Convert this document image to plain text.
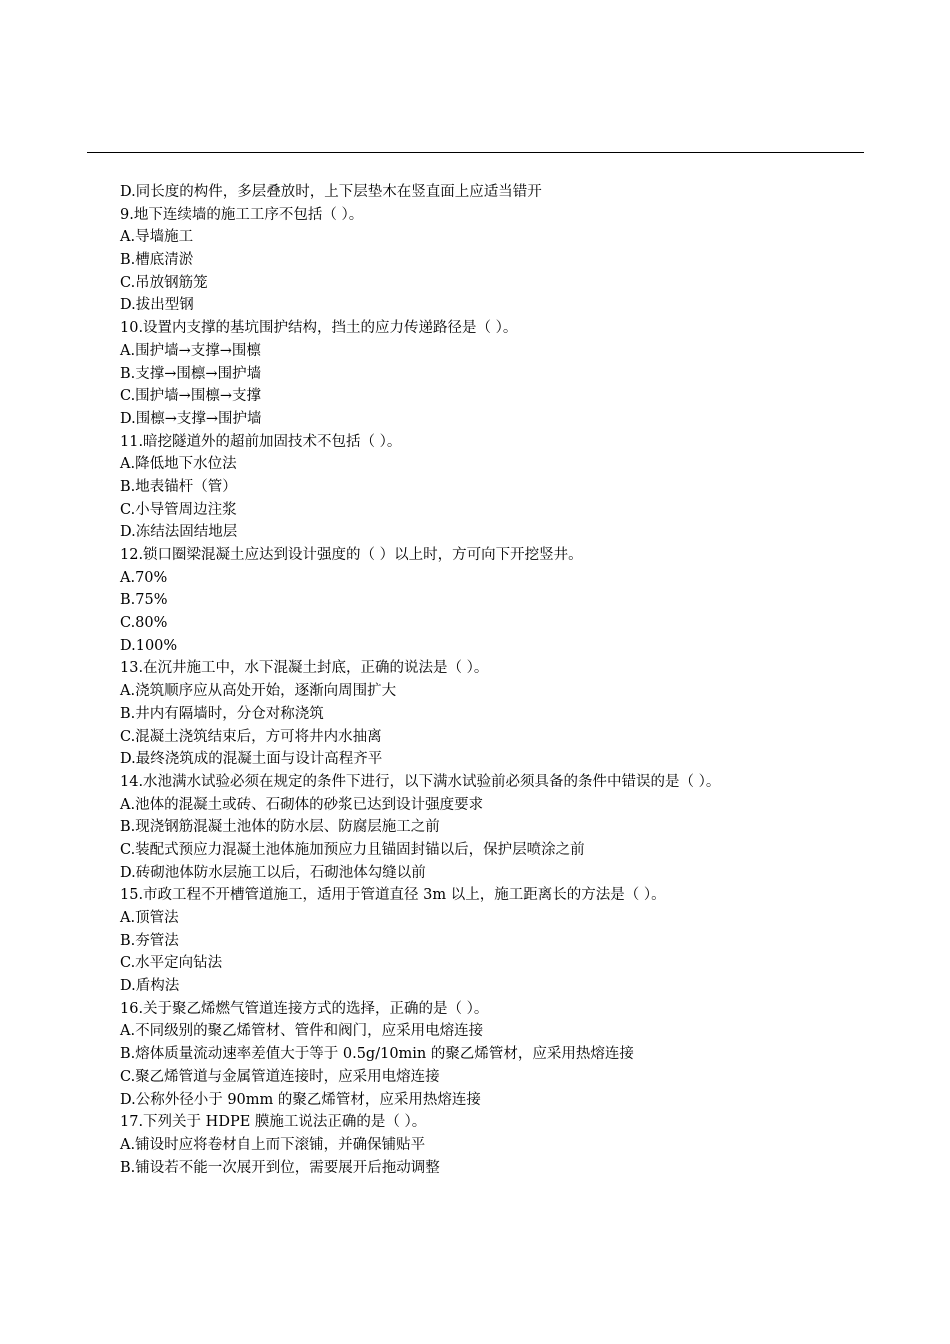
D.同长度的构件，多层叠放时，上下层垫木在竖直面上应适当错开
9.地下连续墙的施工工序不包括（ ）。
A.导墙施工
B.槽底清淤
C.吊放钢筋笼
D.拔出型钢
10.设置内支撑的基坑围护结构，挡土的应力传递路径是（ ）。
A.围护墙→支撑→围檩
B.支撑→围檩→围护墙
C.围护墙→围檩→支撑
D.围檩→支撑→围护墙
11.暗挖隧道外的超前加固技术不包括（ ）。
A.降低地下水位法
B.地表锚杆（管）
C.小导管周边注浆
D.冻结法固结地层
12.锁口圈梁混凝土应达到设计强度的（ ）以上时，方可向下开挖竖井。
A.70%
B.75%
C.80%
D.100%
13.在沉井施工中，水下混凝土封底，正确的说法是（ ）。
A.浇筑顺序应从高处开始，逐渐向周围扩大
B.井内有隔墙时，分仓对称浇筑
C.混凝土浇筑结束后，方可将井内水抽离
D.最终浇筑成的混凝土面与设计高程齐平
14.水池满水试验必须在规定的条件下进行，以下满水试验前必须具备的条件中错误的是（ ）。
A.池体的混凝土或砖、石砌体的砂浆已达到设计强度要求
B.现浇钢筋混凝土池体的防水层、防腐层施工之前
C.装配式预应力混凝土池体施加预应力且锚固封锚以后，保护层喷涂之前
D.砖砌池体防水层施工以后，石砌池体勾缝以前
15.市政工程不开槽管道施工，适用于管道直径 3m 以上，施工距离长的方法是（ ）。
A.顶管法
B.夯管法
C.水平定向钻法
D.盾构法
16.关于聚乙烯燃气管道连接方式的选择，正确的是（ ）。
A.不同级别的聚乙烯管材、管件和阀门，应采用电熔连接
B.熔体质量流动速率差值大于等于 0.5g/10min 的聚乙烯管材，应采用热熔连接
C.聚乙烯管道与金属管道连接时，应采用电熔连接
D.公称外径小于 90mm 的聚乙烯管材，应采用热熔连接
17.下列关于 HDPE 膜施工说法正确的是（ ）。
A.铺设时应将卷材自上而下滚铺，并确保铺贴平
B.铺设若不能一次展开到位，需要展开后拖动调整
